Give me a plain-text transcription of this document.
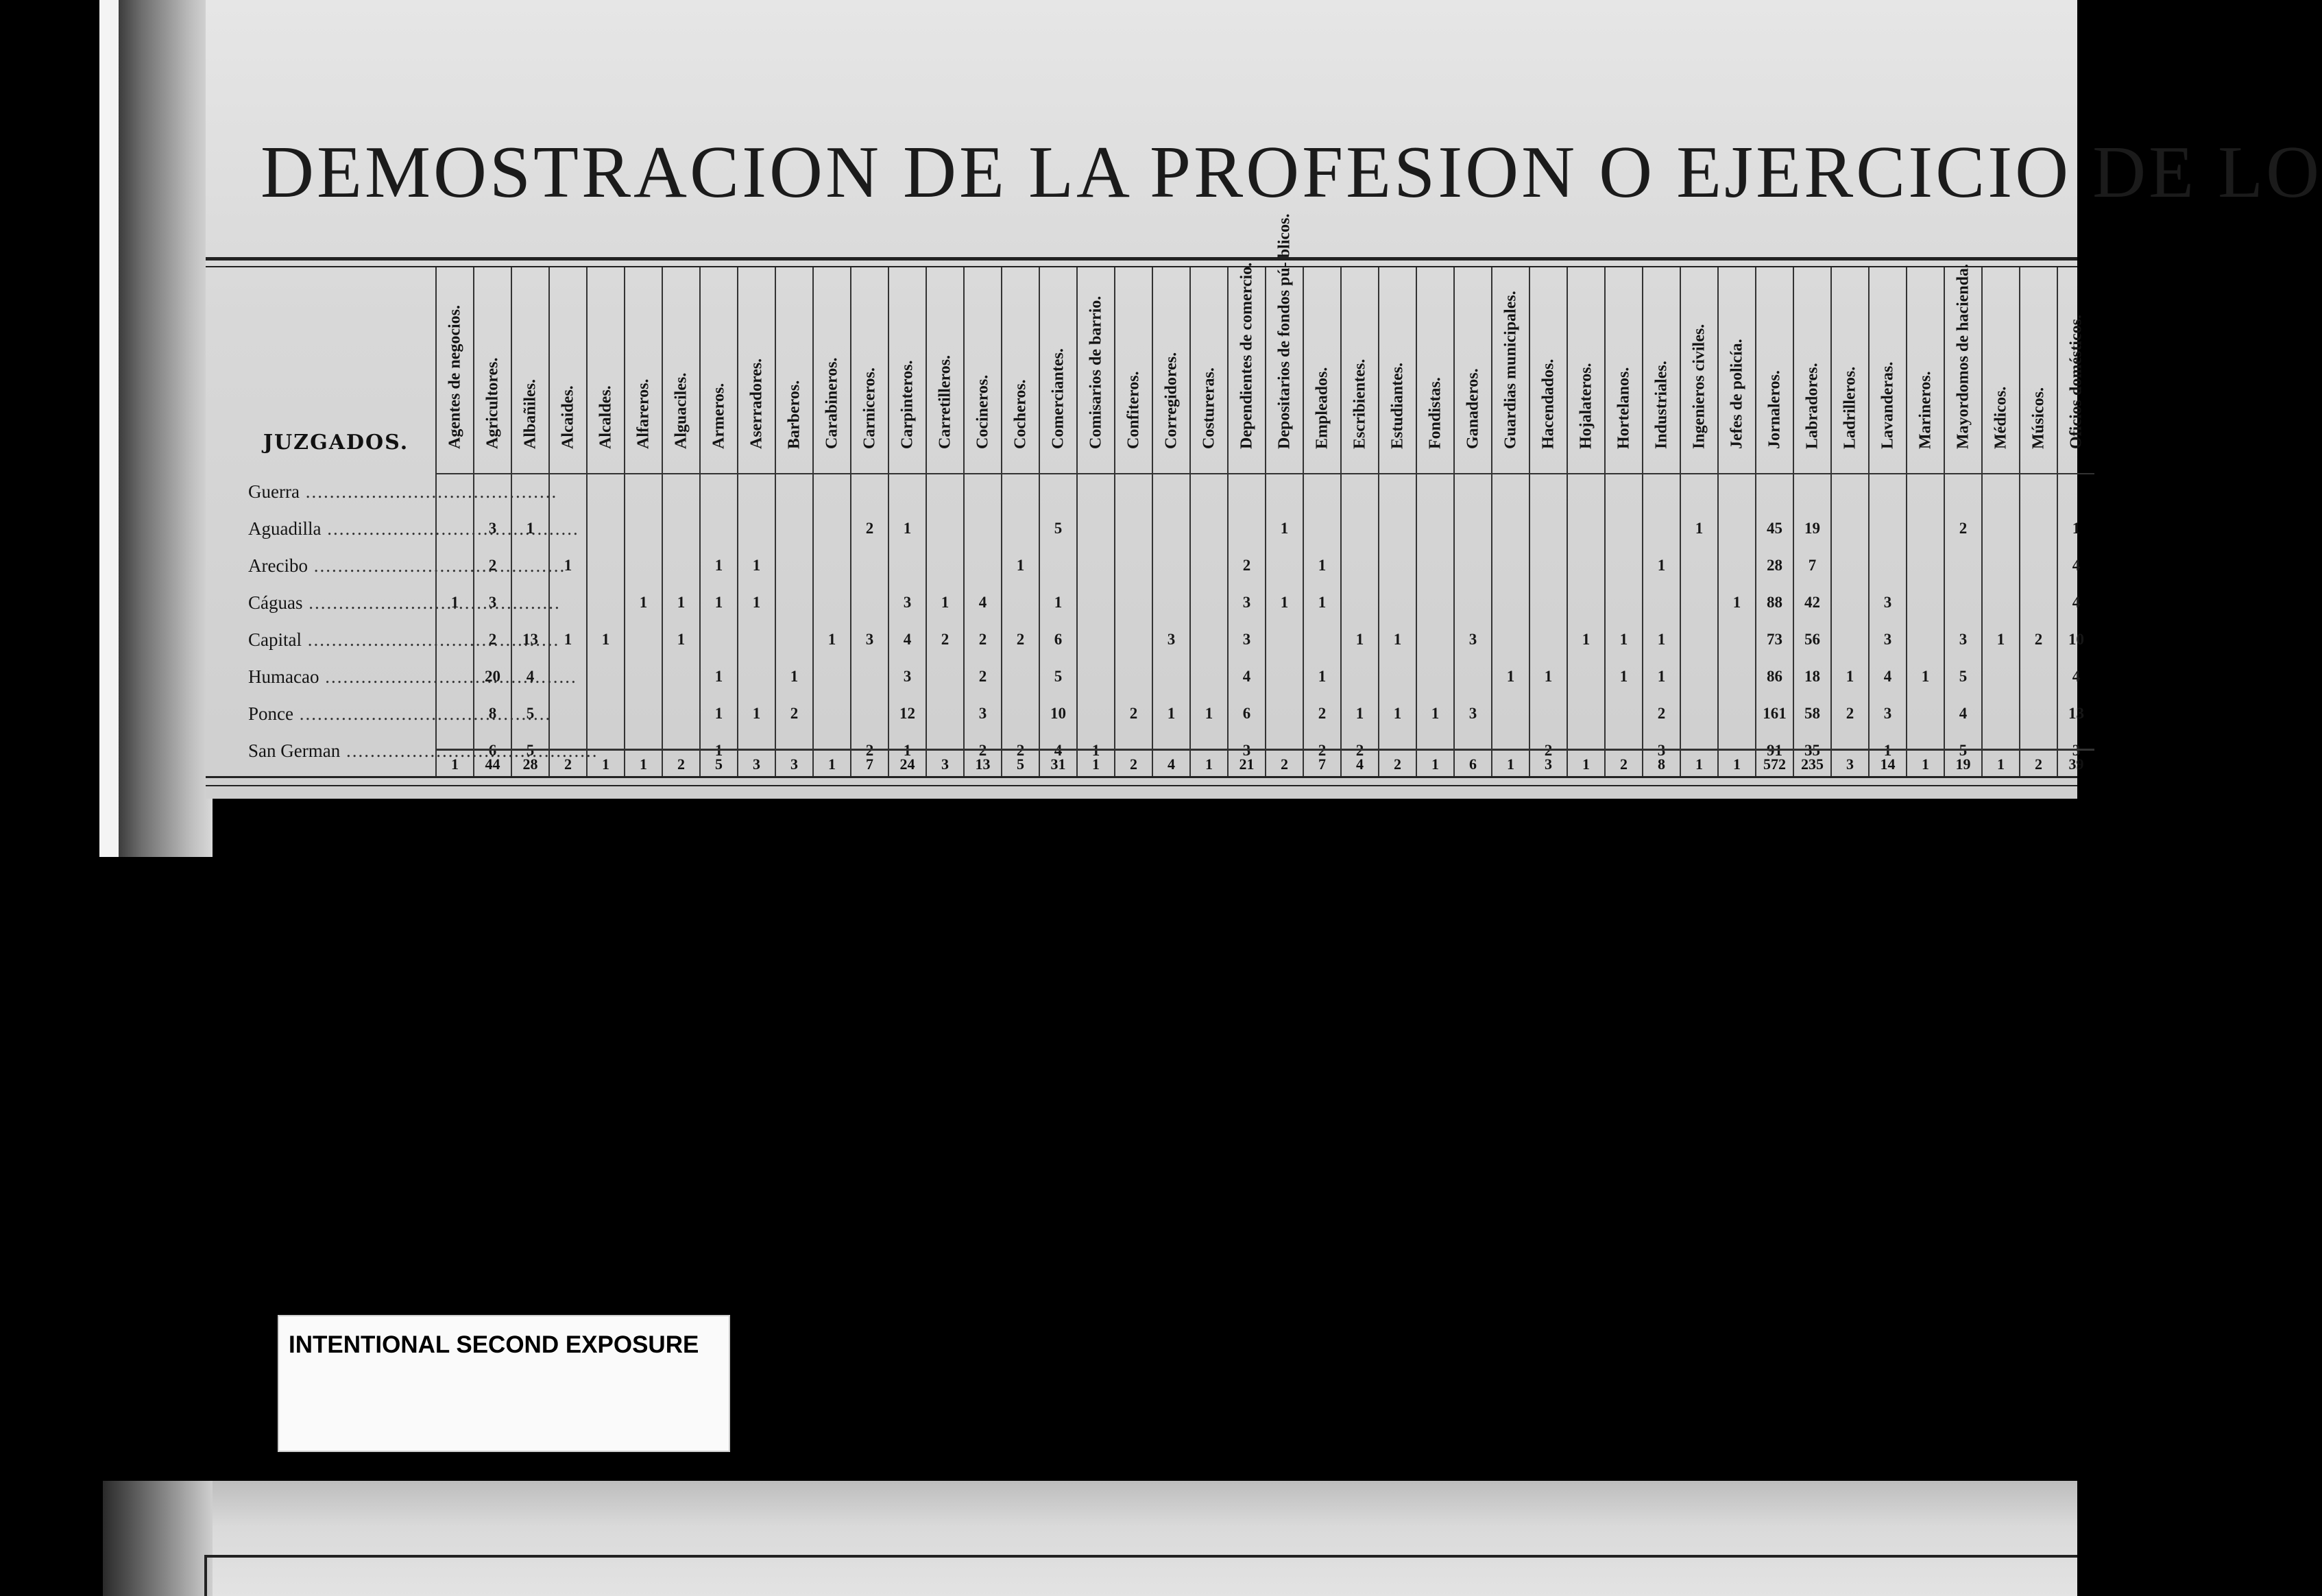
DEMOSTRACION DE LA PROFESION O EJERCICIO DE LO
JUZGADOS.
Guerra .....
Aguadilla .....
Arecibo .....
Cáguas .....
Capital .....
Humacao .....
Ponce .....
San German .....
Agentes de negocios.
1
1
Agricultores.
3
2
3
2
20
8
6
44
Albañiles.
1
13
4
5
5
28
Alcaides.
1
1
2
Alcaldes.
1
1
Alfareros.
1
1
Alguaciles.
1
1
2
Armeros.
1
1
1
1
1
5
Aserradores.
1
1
1
3
Barberos.
1
2
3
Carabineros.
1
1
Carniceros.
2
3
2
7
Carpinteros.
1
3
4
3
12
1
24
Carretilleros.
1
2
3
Cocineros.
4
2
2
3
2
13
Cocheros.
1
2
2
5
Comerciantes.
5
1
6
5
10
4
31
Comisarios de barrio.
1
1
Confiteros.
2
2
Corregidores.
3
1
4
Costureras.
1
1
Dependientes de comercio.
2
3
3
4
6
3
21
Depositarios de fondos pú- blicos.
1
1
2
Empleados.
1
1
1
2
2
7
Escribientes.
1
1
2
4
Estudiantes.
1
1
2
Fondistas.
1
1
Ganaderos.
3
3
6
Guardias municipales.
1
1
Hacendados.
1
2
3
Hojalateros.
1
1
Hortelanos.
1
1
2
Industriales.
1
1
1
2
3
8
Ingenieros civiles.
1
1
Jefes de policía.
1
1
Jornaleros.
45
28
88
73
86
161
91
572
Labradores.
19
7
42
56
18
58
35
235
Ladrilleros.
1
2
3
Lavanderas.
3
3
4
3
1
14
Marineros.
1
1
Mayordomos de hacienda.
2
3
5
4
5
19
Médicos.
1
1
Músicos.
2
2
Oficios domésticos.
1
4
4
10
4
13
3
39

INTENTIONAL SECOND EXPOSURE
